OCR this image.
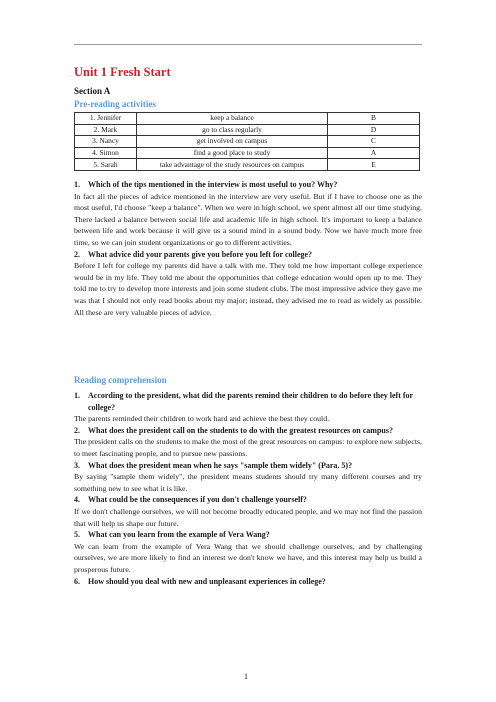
Unit 1 Fresh Start
Section A
Pre-reading activities
1. Jennifer	keep a balance	B
2. Mark	go to class regularly	D
3. Nancy	get involved on campus	C
4. Simon	find a good place to study	A
5. Sarah	take advantage of the study resources on campus	E
1. Which of the tips mentioned in the interview is most useful to you? Why?
In fact all the pieces of advice mentioned in the interview are very useful. But if I have to choose one as the most useful, I'd choose "keep a balance". When we were in high school, we spent almost all our time studying. There lacked a balance between social life and academic life in high school. It's important to keep a balance between life and work because it will give us a sound mind in a sound body. Now we have much more free time, so we can join student organizations or go to different activities.
2. What advice did your parents give you before you left for college?
Before I left for college my parents did have a talk with me. They told me how important college experience would be in my life. They told me about the opportunities that college education would open up to me. They told me to try to develop more interests and join some student clubs. The most impressive advice they gave me was that I should not only read books about my major; instead, they advised me to read as widely as possible. All these are very valuable pieces of advice.
Reading comprehension
1. According to the president, what did the parents remind their children to do before they left for college?
The parents reminded their children to work hard and achieve the best they could.
2. What does the president call on the students to do with the greatest resources on campus?
The president calls on the students to make the most of the great resources on campus: to explore new subjects, to meet fascinating people, and to pursue new passions.
3. What does the president mean when he says "sample them widely" (Para. 5)?
By saying "sample them widely", the president means students should try many different courses and try something new to see what it is like.
4. What could be the consequences if you don't challenge yourself?
If we don't challenge ourselves, we will not become broadly educated people, and we may not find the passion that will help us shape our future.
5. What can you learn from the example of Vera Wang?
We can learn from the example of Vera Wang that we should challenge ourselves, and by challenging ourselves, we are more likely to find an interest we don't know we have, and this interest may help us build a prosperous future.
6. How should you deal with new and unpleasant experiences in college?
1
